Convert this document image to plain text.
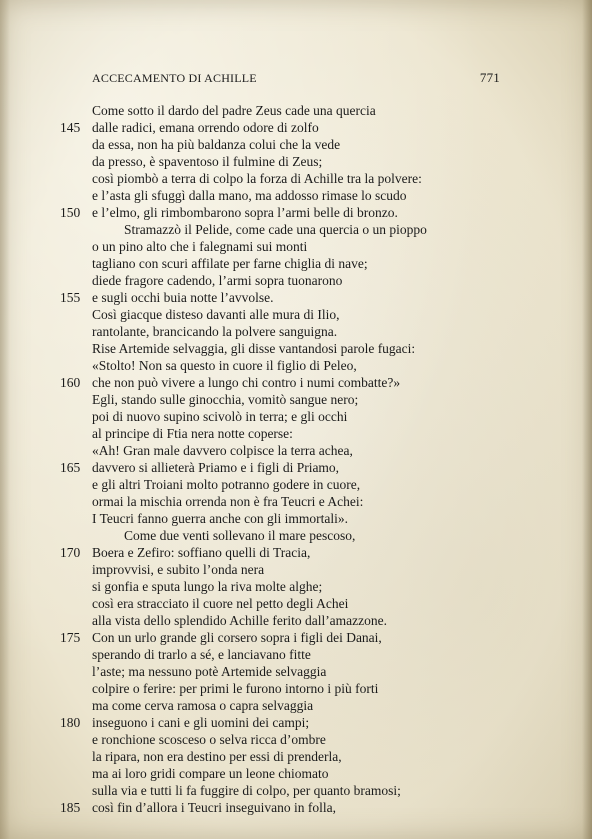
ACCECAMENTO DI ACHILLE	771
Come sotto il dardo del padre Zeus cade una quercia
145 dalle radici, emana orrendo odore di zolfo
da essa, non ha più baldanza colui che la vede
da presso, è spaventoso il fulmine di Zeus;
così piombò a terra di colpo la forza di Achille tra la polvere:
e l’asta gli sfuggì dalla mano, ma addosso rimase lo scudo
150 e l’elmo, gli rimbombarono sopra l’armi belle di bronzo.
Stramazzò il Pelide, come cade una quercia o un pioppo
o un pino alto che i falegnami sui monti
tagliano con scuri affilate per farne chiglia di nave;
diede fragore cadendo, l’armi sopra tuonarono
155 e sugli occhi buia notte l’avvolse.
Così giacque disteso davanti alle mura di Ilio,
rantolante, brancicando la polvere sanguigna.
Rise Artemide selvaggia, gli disse vantandosi parole fugaci:
«Stolto! Non sa questo in cuore il figlio di Peleo,
160 che non può vivere a lungo chi contro i numi combatte?»
Egli, stando sulle ginocchia, vomitò sangue nero;
poi di nuovo supino scivolò in terra; e gli occhi
al principe di Ftia nera notte coperse:
«Ah! Gran male davvero colpisce la terra achea,
165 davvero si allieterà Priamo e i figli di Priamo,
e gli altri Troiani molto potranno godere in cuore,
ormai la mischia orrenda non è fra Teucri e Achei:
I Teucri fanno guerra anche con gli immortali».
Come due venti sollevano il mare pescoso,
170 Boera e Zefiro: soffiano quelli di Tracia,
improvvisi, e subito l’onda nera
si gonfia e sputa lungo la riva molte alghe;
così era stracciato il cuore nel petto degli Achei
alla vista dello splendido Achille ferito dall’amazzone.
175 Con un urlo grande gli corsero sopra i figli dei Danai,
sperando di trarlo a sé, e lanciavano fitte
l’aste; ma nessuno potè Artemide selvaggia
colpire o ferire: per primi le furono intorno i più forti
ma come cerva ramosa o capra selvaggia
180 inseguono i cani e gli uomini dei campi;
e ronchione scosceso o selva ricca d’ombre
la ripara, non era destino per essi di prenderla,
ma ai loro gridi compare un leone chiomato
sulla via e tutti li fa fuggire di colpo, per quanto bramosi;
185 così fin d’allora i Teucri inseguivano in folla,
